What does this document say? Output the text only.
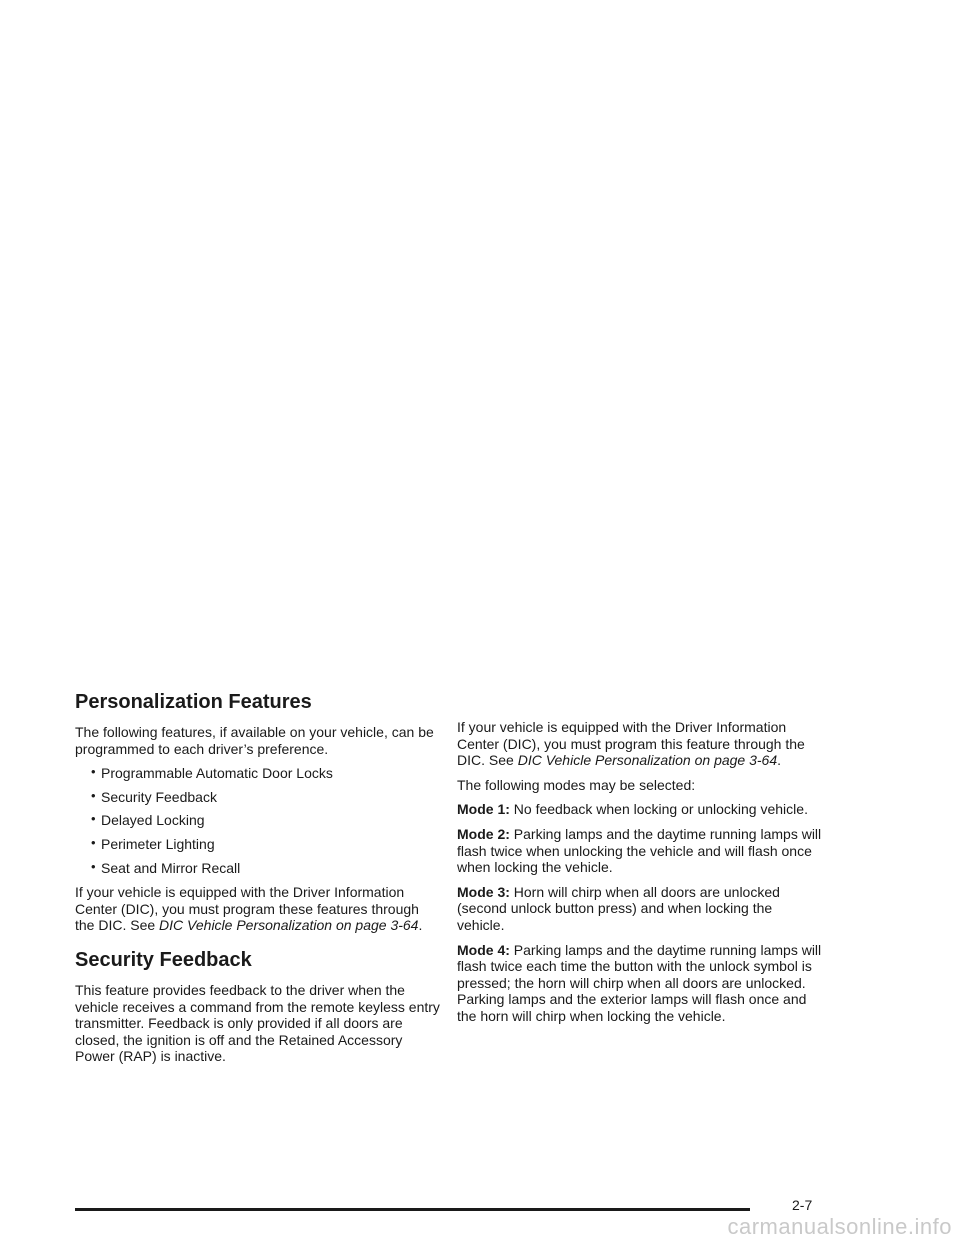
Personalization Features

The following features, if available on your vehicle, can be programmed to each driver’s preference.

• Programmable Automatic Door Locks
• Security Feedback
• Delayed Locking
• Perimeter Lighting
• Seat and Mirror Recall

If your vehicle is equipped with the Driver Information Center (DIC), you must program these features through the DIC. See DIC Vehicle Personalization on page 3-64.

Security Feedback

This feature provides feedback to the driver when the vehicle receives a command from the remote keyless entry transmitter. Feedback is only provided if all doors are closed, the ignition is off and the Retained Accessory Power (RAP) is inactive.

If your vehicle is equipped with the Driver Information Center (DIC), you must program this feature through the DIC. See DIC Vehicle Personalization on page 3-64.

The following modes may be selected:

Mode 1: No feedback when locking or unlocking vehicle.

Mode 2: Parking lamps and the daytime running lamps will flash twice when unlocking the vehicle and will flash once when locking the vehicle.

Mode 3: Horn will chirp when all doors are unlocked (second unlock button press) and when locking the vehicle.

Mode 4: Parking lamps and the daytime running lamps will flash twice each time the button with the unlock symbol is pressed; the horn will chirp when all doors are unlocked. Parking lamps and the exterior lamps will flash once and the horn will chirp when locking the vehicle.

2-7
carmanualsonline.info
